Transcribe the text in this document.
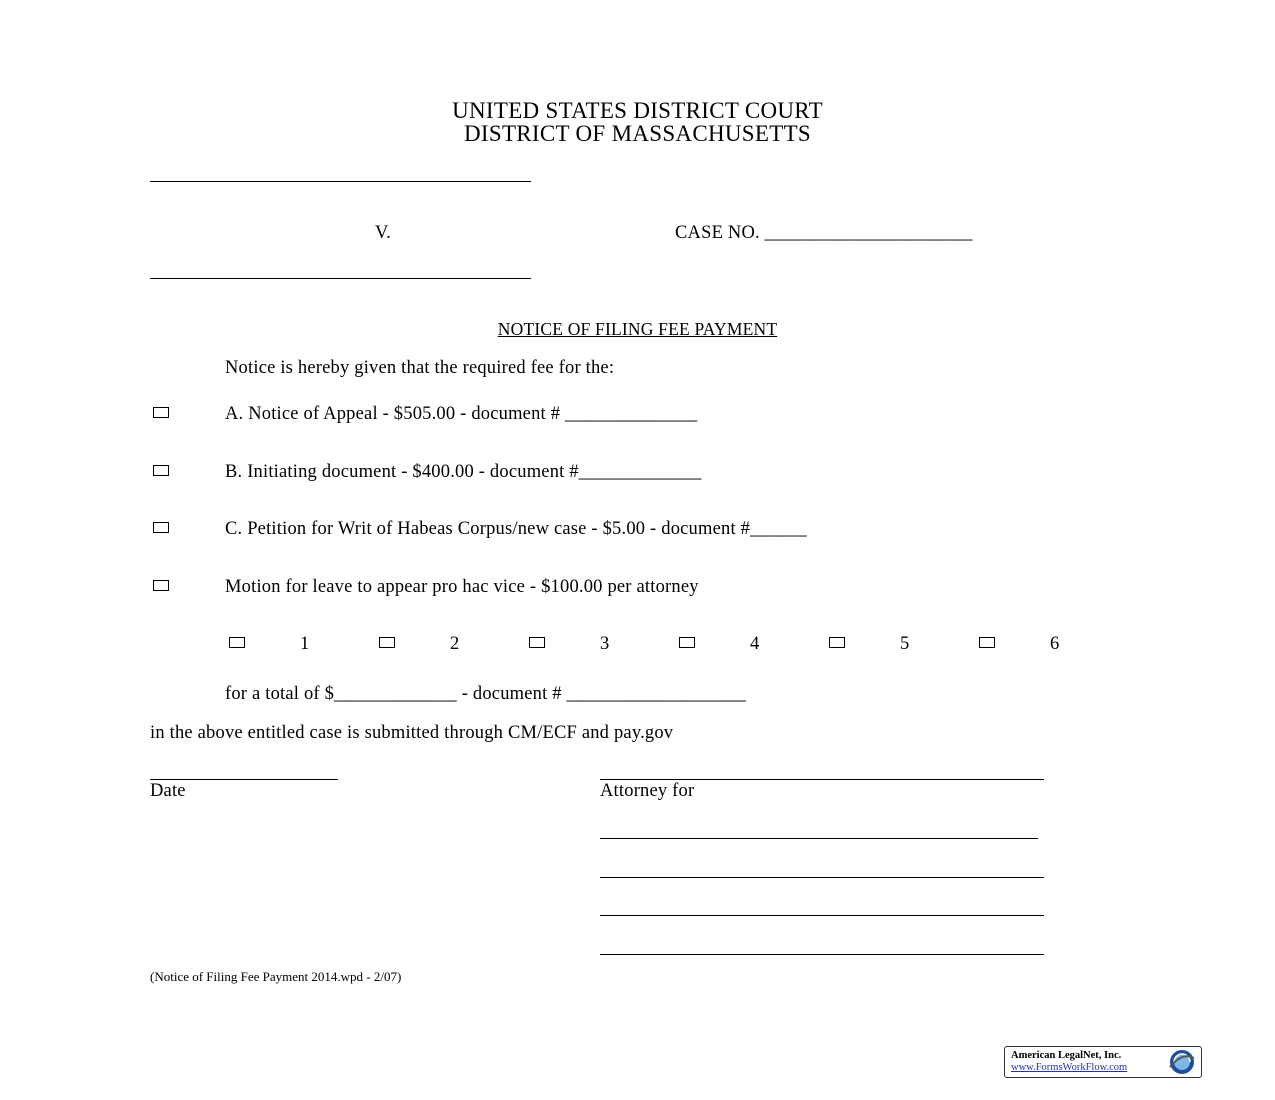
UNITED STATES DISTRICT COURT
DISTRICT OF MASSACHUSETTS
V.	CASE NO. ______________________
NOTICE OF FILING FEE PAYMENT
Notice is hereby given that the required fee for the:
A. Notice of Appeal - $505.00 - document # ______________
B. Initiating document - $400.00 - document #_____________
C. Petition for Writ of Habeas Corpus/new case - $5.00 - document #______
Motion for leave to appear pro hac vice - $100.00 per attorney
1	2	3	4	5	6
for a total of $_____________ - document # ___________________
in the above entitled case is submitted through CM/ECF and pay.gov
Date	Attorney for
(Notice of Filing Fee Payment 2014.wpd - 2/07)
American LegalNet, Inc.
www.FormsWorkFlow.com
